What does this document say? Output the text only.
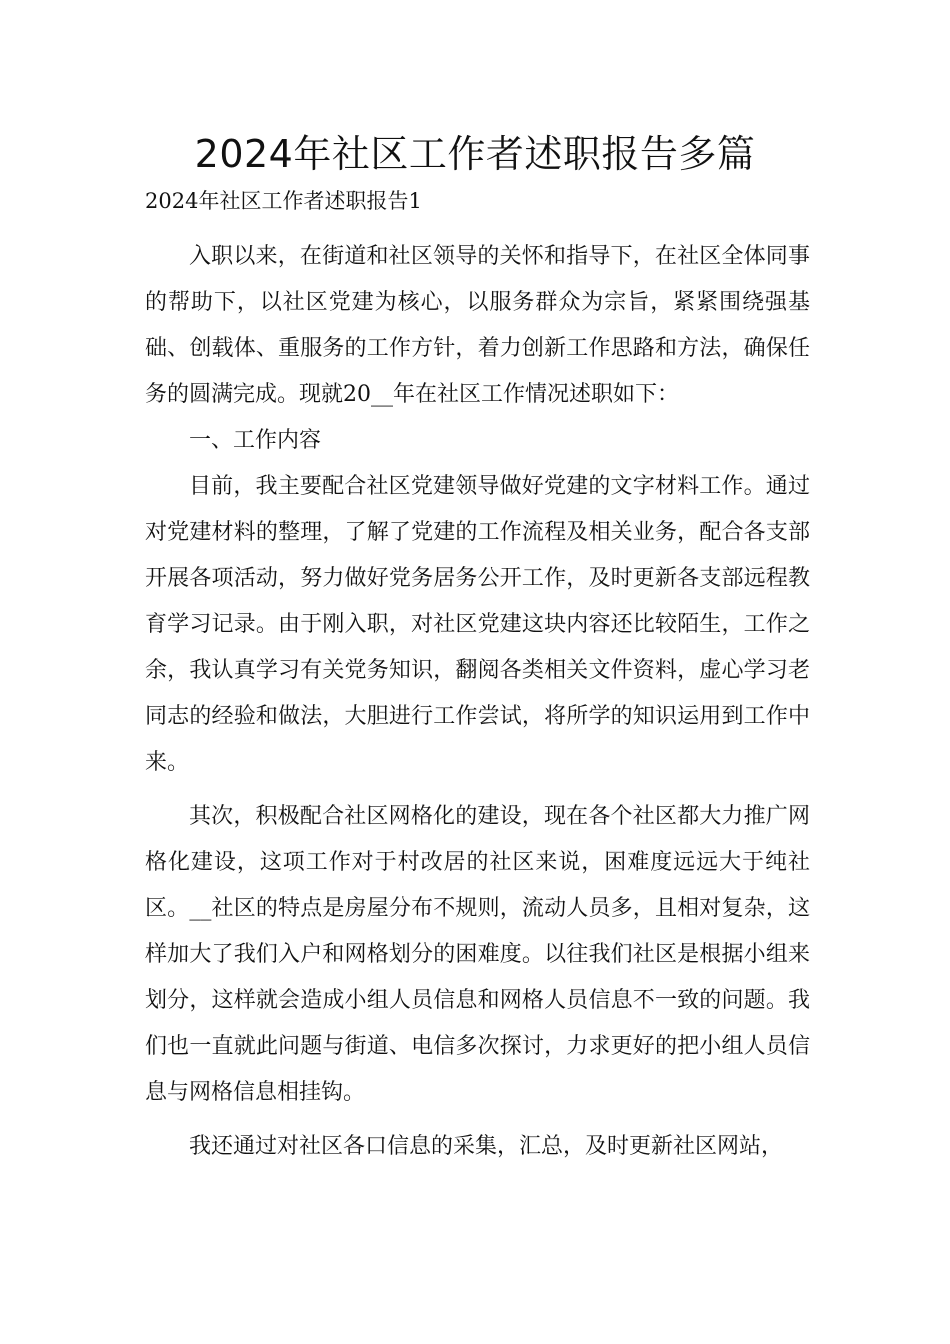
2024年社区工作者述职报告多篇

2024年社区工作者述职报告1

入职以来，在街道和社区领导的关怀和指导下，在社区全体同事的帮助下，以社区党建为核心，以服务群众为宗旨，紧紧围绕强基础、创载体、重服务的工作方针，着力创新工作思路和方法，确保任务的圆满完成。现就20__年在社区工作情况述职如下：

一、工作内容

目前，我主要配合社区党建领导做好党建的文字材料工作。通过对党建材料的整理，了解了党建的工作流程及相关业务，配合各支部开展各项活动，努力做好党务居务公开工作，及时更新各支部远程教育学习记录。由于刚入职，对社区党建这块内容还比较陌生，工作之余，我认真学习有关党务知识，翻阅各类相关文件资料，虚心学习老同志的经验和做法，大胆进行工作尝试，将所学的知识运用到工作中来。

其次，积极配合社区网格化的建设，现在各个社区都大力推广网格化建设，这项工作对于村改居的社区来说，困难度远远大于纯社区。__社区的特点是房屋分布不规则，流动人员多，且相对复杂，这样加大了我们入户和网格划分的困难度。以往我们社区是根据小组来划分，这样就会造成小组人员信息和网格人员信息不一致的问题。我们也一直就此问题与街道、电信多次探讨，力求更好的把小组人员信息与网格信息相挂钩。

我还通过对社区各口信息的采集，汇总，及时更新社区网站，
